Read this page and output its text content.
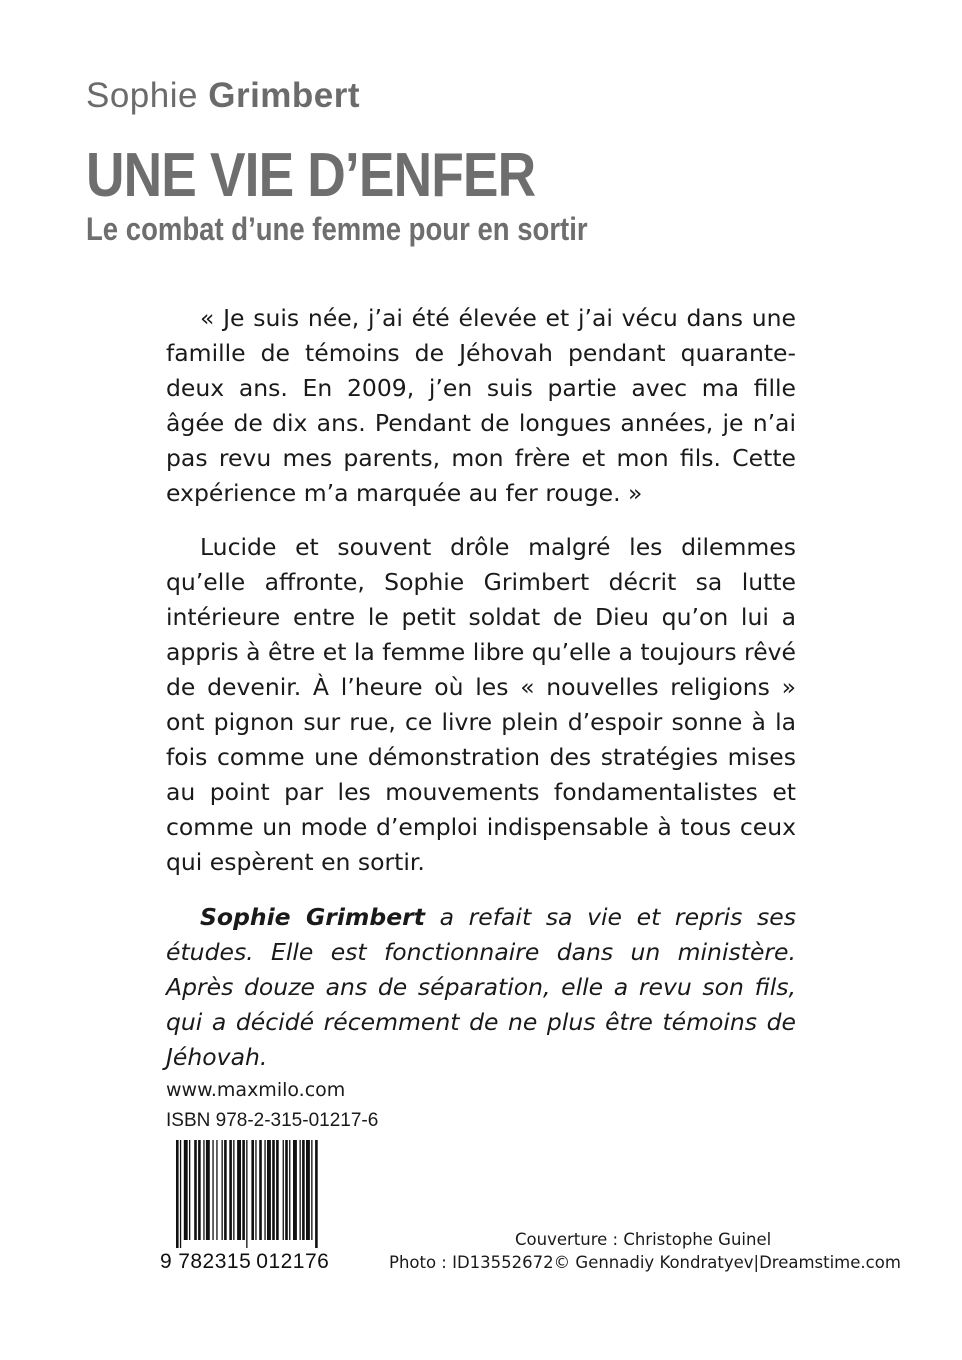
Sophie Grimbert
UNE VIE D’ENFER
Le combat d’une femme pour en sortir

« Je suis née, j’ai été élevée et j’ai vécu dans une famille de témoins de Jéhovah pendant quarante-deux ans. En 2009, j’en suis partie avec ma fille âgée de dix ans. Pendant de longues années, je n’ai pas revu mes parents, mon frère et mon fils. Cette expérience m’a marquée au fer rouge. »

Lucide et souvent drôle malgré les dilemmes qu’elle affronte, Sophie Grimbert décrit sa lutte intérieure entre le petit soldat de Dieu qu’on lui a appris à être et la femme libre qu’elle a toujours rêvé de devenir. À l’heure où les « nouvelles religions » ont pignon sur rue, ce livre plein d’espoir sonne à la fois comme une démonstration des stratégies mises au point par les mouvements fondamentalistes et comme un mode d’emploi indispensable à tous ceux qui espèrent en sortir.

Sophie Grimbert a refait sa vie et repris ses études. Elle est fonctionnaire dans un ministère. Après douze ans de séparation, elle a revu son fils, qui a décidé récemment de ne plus être témoins de Jéhovah.

www.maxmilo.com
ISBN 978-2-315-01217-6
9 782315 012176
Couverture : Christophe Guinel
Photo : ID13552672© Gennadiy Kondratyev|Dreamstime.com
